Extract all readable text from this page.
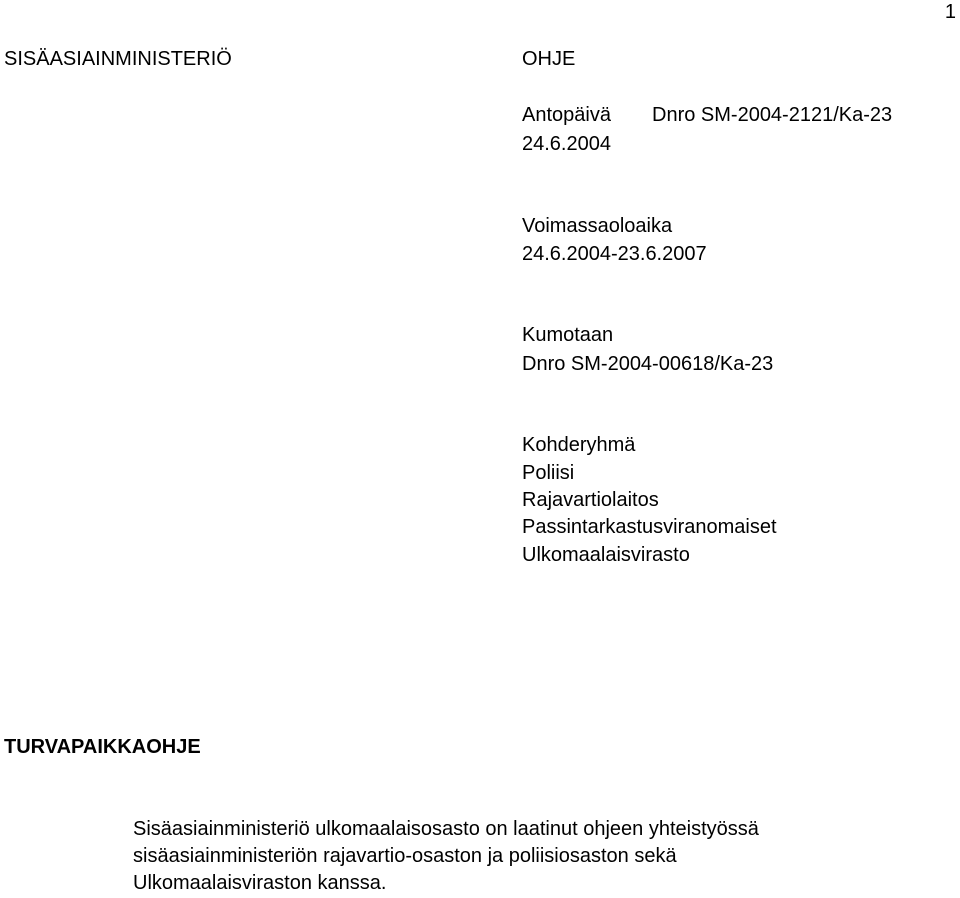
1
SISÄASIAINMINISTERIÖ	OHJE
Antopäivä Dnro SM-2004-2121/Ka-23
24.6.2004
Voimassaoloaika
24.6.2004-23.6.2007
Kumotaan
Dnro SM-2004-00618/Ka-23
Kohderyhmä
Poliisi
Rajavartiolaitos
Passintarkastusviranomaiset
Ulkomaalaisvirasto
TURVAPAIKKAOHJE
Sisäasiainministeriö ulkomaalaisosasto on laatinut ohjeen yhteistyössä
sisäasiainministeriön rajavartio-osaston ja poliisiosaston sekä
Ulkomaalaisviraston kanssa.
